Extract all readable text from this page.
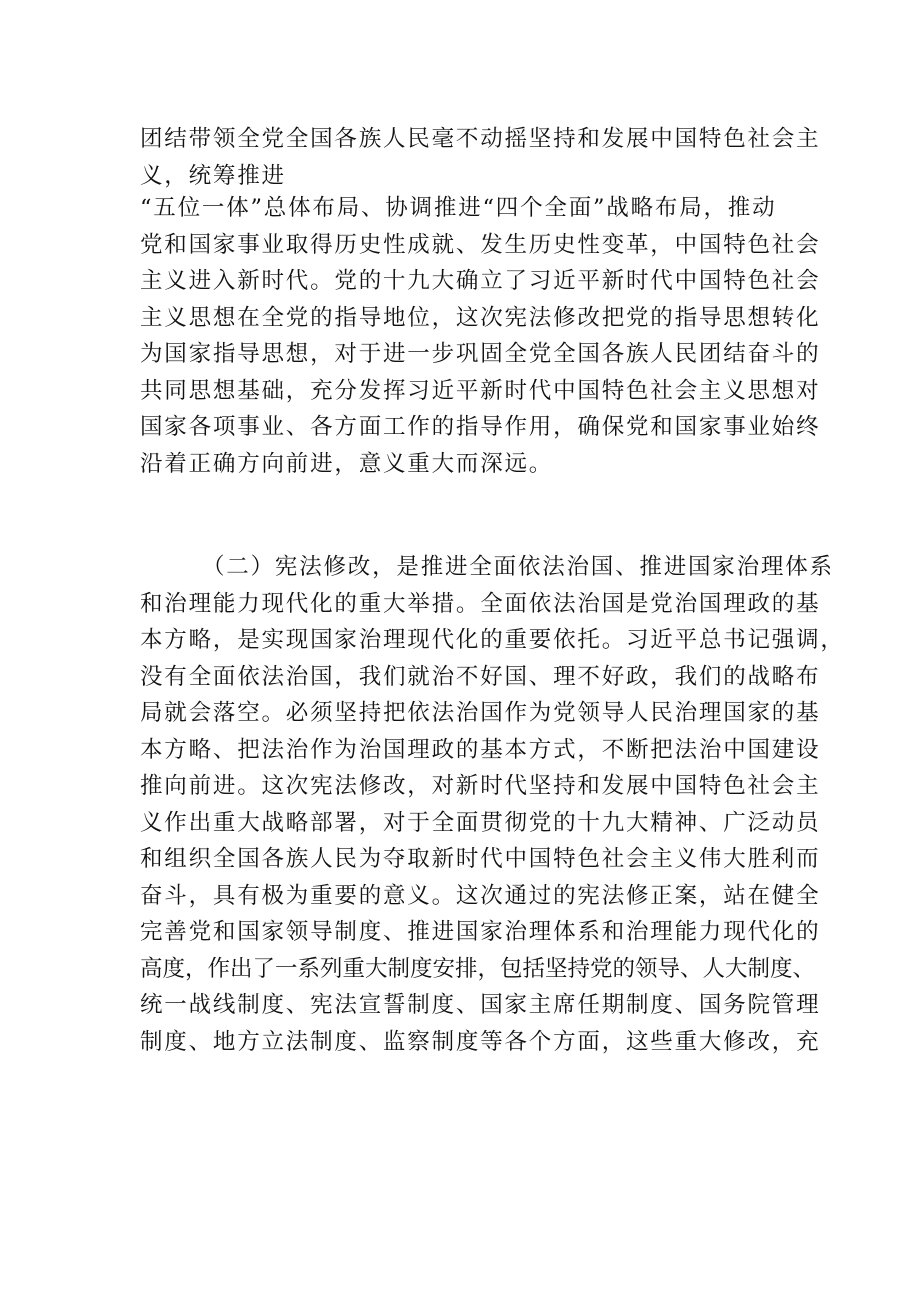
团结带领全党全国各族人民毫不动摇坚持和发展中国特色社会主
义，统筹推进
“五位一体”总体布局、协调推进“四个全面”战略布局，推动
党和国家事业取得历史性成就、发生历史性变革，中国特色社会
主义进入新时代。党的十九大确立了习近平新时代中国特色社会
主义思想在全党的指导地位，这次宪法修改把党的指导思想转化
为国家指导思想，对于进一步巩固全党全国各族人民团结奋斗的
共同思想基础，充分发挥习近平新时代中国特色社会主义思想对
国家各项事业、各方面工作的指导作用，确保党和国家事业始终
沿着正确方向前进，意义重大而深远。
（二）宪法修改，是推进全面依法治国、推进国家治理体系
和治理能力现代化的重大举措。全面依法治国是党治国理政的基
本方略，是实现国家治理现代化的重要依托。习近平总书记强调，
没有全面依法治国，我们就治不好国、理不好政，我们的战略布
局就会落空。必须坚持把依法治国作为党领导人民治理国家的基
本方略、把法治作为治国理政的基本方式，不断把法治中国建设
推向前进。这次宪法修改，对新时代坚持和发展中国特色社会主
义作出重大战略部署，对于全面贯彻党的十九大精神、广泛动员
和组织全国各族人民为夺取新时代中国特色社会主义伟大胜利而
奋斗，具有极为重要的意义。这次通过的宪法修正案，站在健全
完善党和国家领导制度、推进国家治理体系和治理能力现代化的
高度，作出了一系列重大制度安排，包括坚持党的领导、人大制度、
统一战线制度、宪法宣誓制度、国家主席任期制度、国务院管理
制度、地方立法制度、监察制度等各个方面，这些重大修改，充
